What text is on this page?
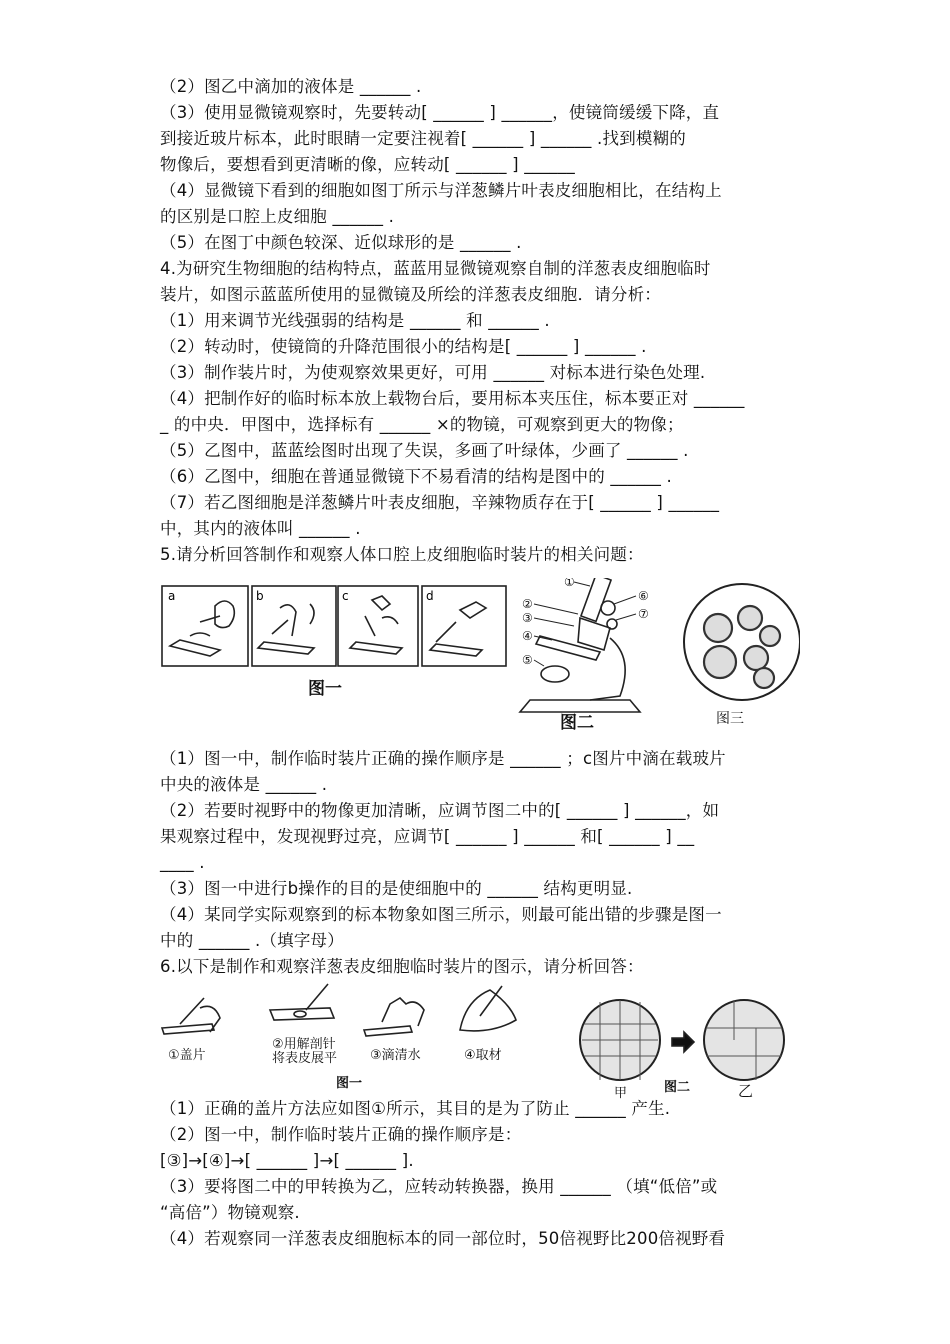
（2）图乙中滴加的液体是 ______ .
（3）使用显微镜观察时，先要转动[ ______ ] ______，使镜筒缓缓下降，直
到接近玻片标本，此时眼睛一定要注视着[ ______ ] ______ .找到模糊的
物像后，要想看到更清晰的像，应转动[ ______ ] ______
（4）显微镜下看到的细胞如图丁所示与洋葱鳞片叶表皮细胞相比，在结构上
的区别是口腔上皮细胞 ______ .
（5）在图丁中颜色较深、近似球形的是 ______ .
4.为研究生物细胞的结构特点，蓝蓝用显微镜观察自制的洋葱表皮细胞临时
装片，如图示蓝蓝所使用的显微镜及所绘的洋葱表皮细胞．请分析：
（1）用来调节光线强弱的结构是 ______ 和 ______ .
（2）转动时，使镜筒的升降范围很小的结构是[ ______ ] ______ .
（3）制作装片时，为使观察效果更好，可用 ______ 对标本进行染色处理.
（4）把制作好的临时标本放上载物台后，要用标本夹压住，标本要正对 ______
_ 的中央．甲图中，选择标有 ______ ×的物镜，可观察到更大的物像；
（5）乙图中，蓝蓝绘图时出现了失误，多画了叶绿体，少画了 ______ .
（6）乙图中，细胞在普通显微镜下不易看清的结构是图中的 ______ .
（7）若乙图细胞是洋葱鳞片叶表皮细胞，辛辣物质存在于[ ______ ] ______
中，其内的液体叫 ______ .
5.请分析回答制作和观察人体口腔上皮细胞临时装片的相关问题：
a	b	c	d
①
②
③
④
⑤
⑥
⑦
图一
图二	图三
（1）图一中，制作临时装片正确的操作顺序是 ______ ；c图片中滴在载玻片
中央的液体是 ______ .
（2）若要时视野中的物像更加清晰，应调节图二中的[ ______ ] ______，如
果观察过程中，发现视野过亮，应调节[ ______ ] ______ 和[ ______ ] __
____ .
（3）图一中进行b操作的目的是使细胞中的 ______ 结构更明显.
（4）某同学实际观察到的标本物象如图三所示，则最可能出错的步骤是图一
中的 ______ .（填字母）
6.以下是制作和观察洋葱表皮细胞临时装片的图示，请分析回答：
①盖片
②用解剖针
将表皮展平	③滴清水	④取材
图一
甲	乙
图二
（1）正确的盖片方法应如图①所示，其目的是为了防止 ______ 产生.
（2）图一中，制作临时装片正确的操作顺序是：
[③]→[④]→[ ______ ]→[ ______ ].
（3）要将图二中的甲转换为乙，应转动转换器，换用 ______ （填“低倍”或
“高倍”）物镜观察.
（4）若观察同一洋葱表皮细胞标本的同一部位时，50倍视野比200倍视野看
